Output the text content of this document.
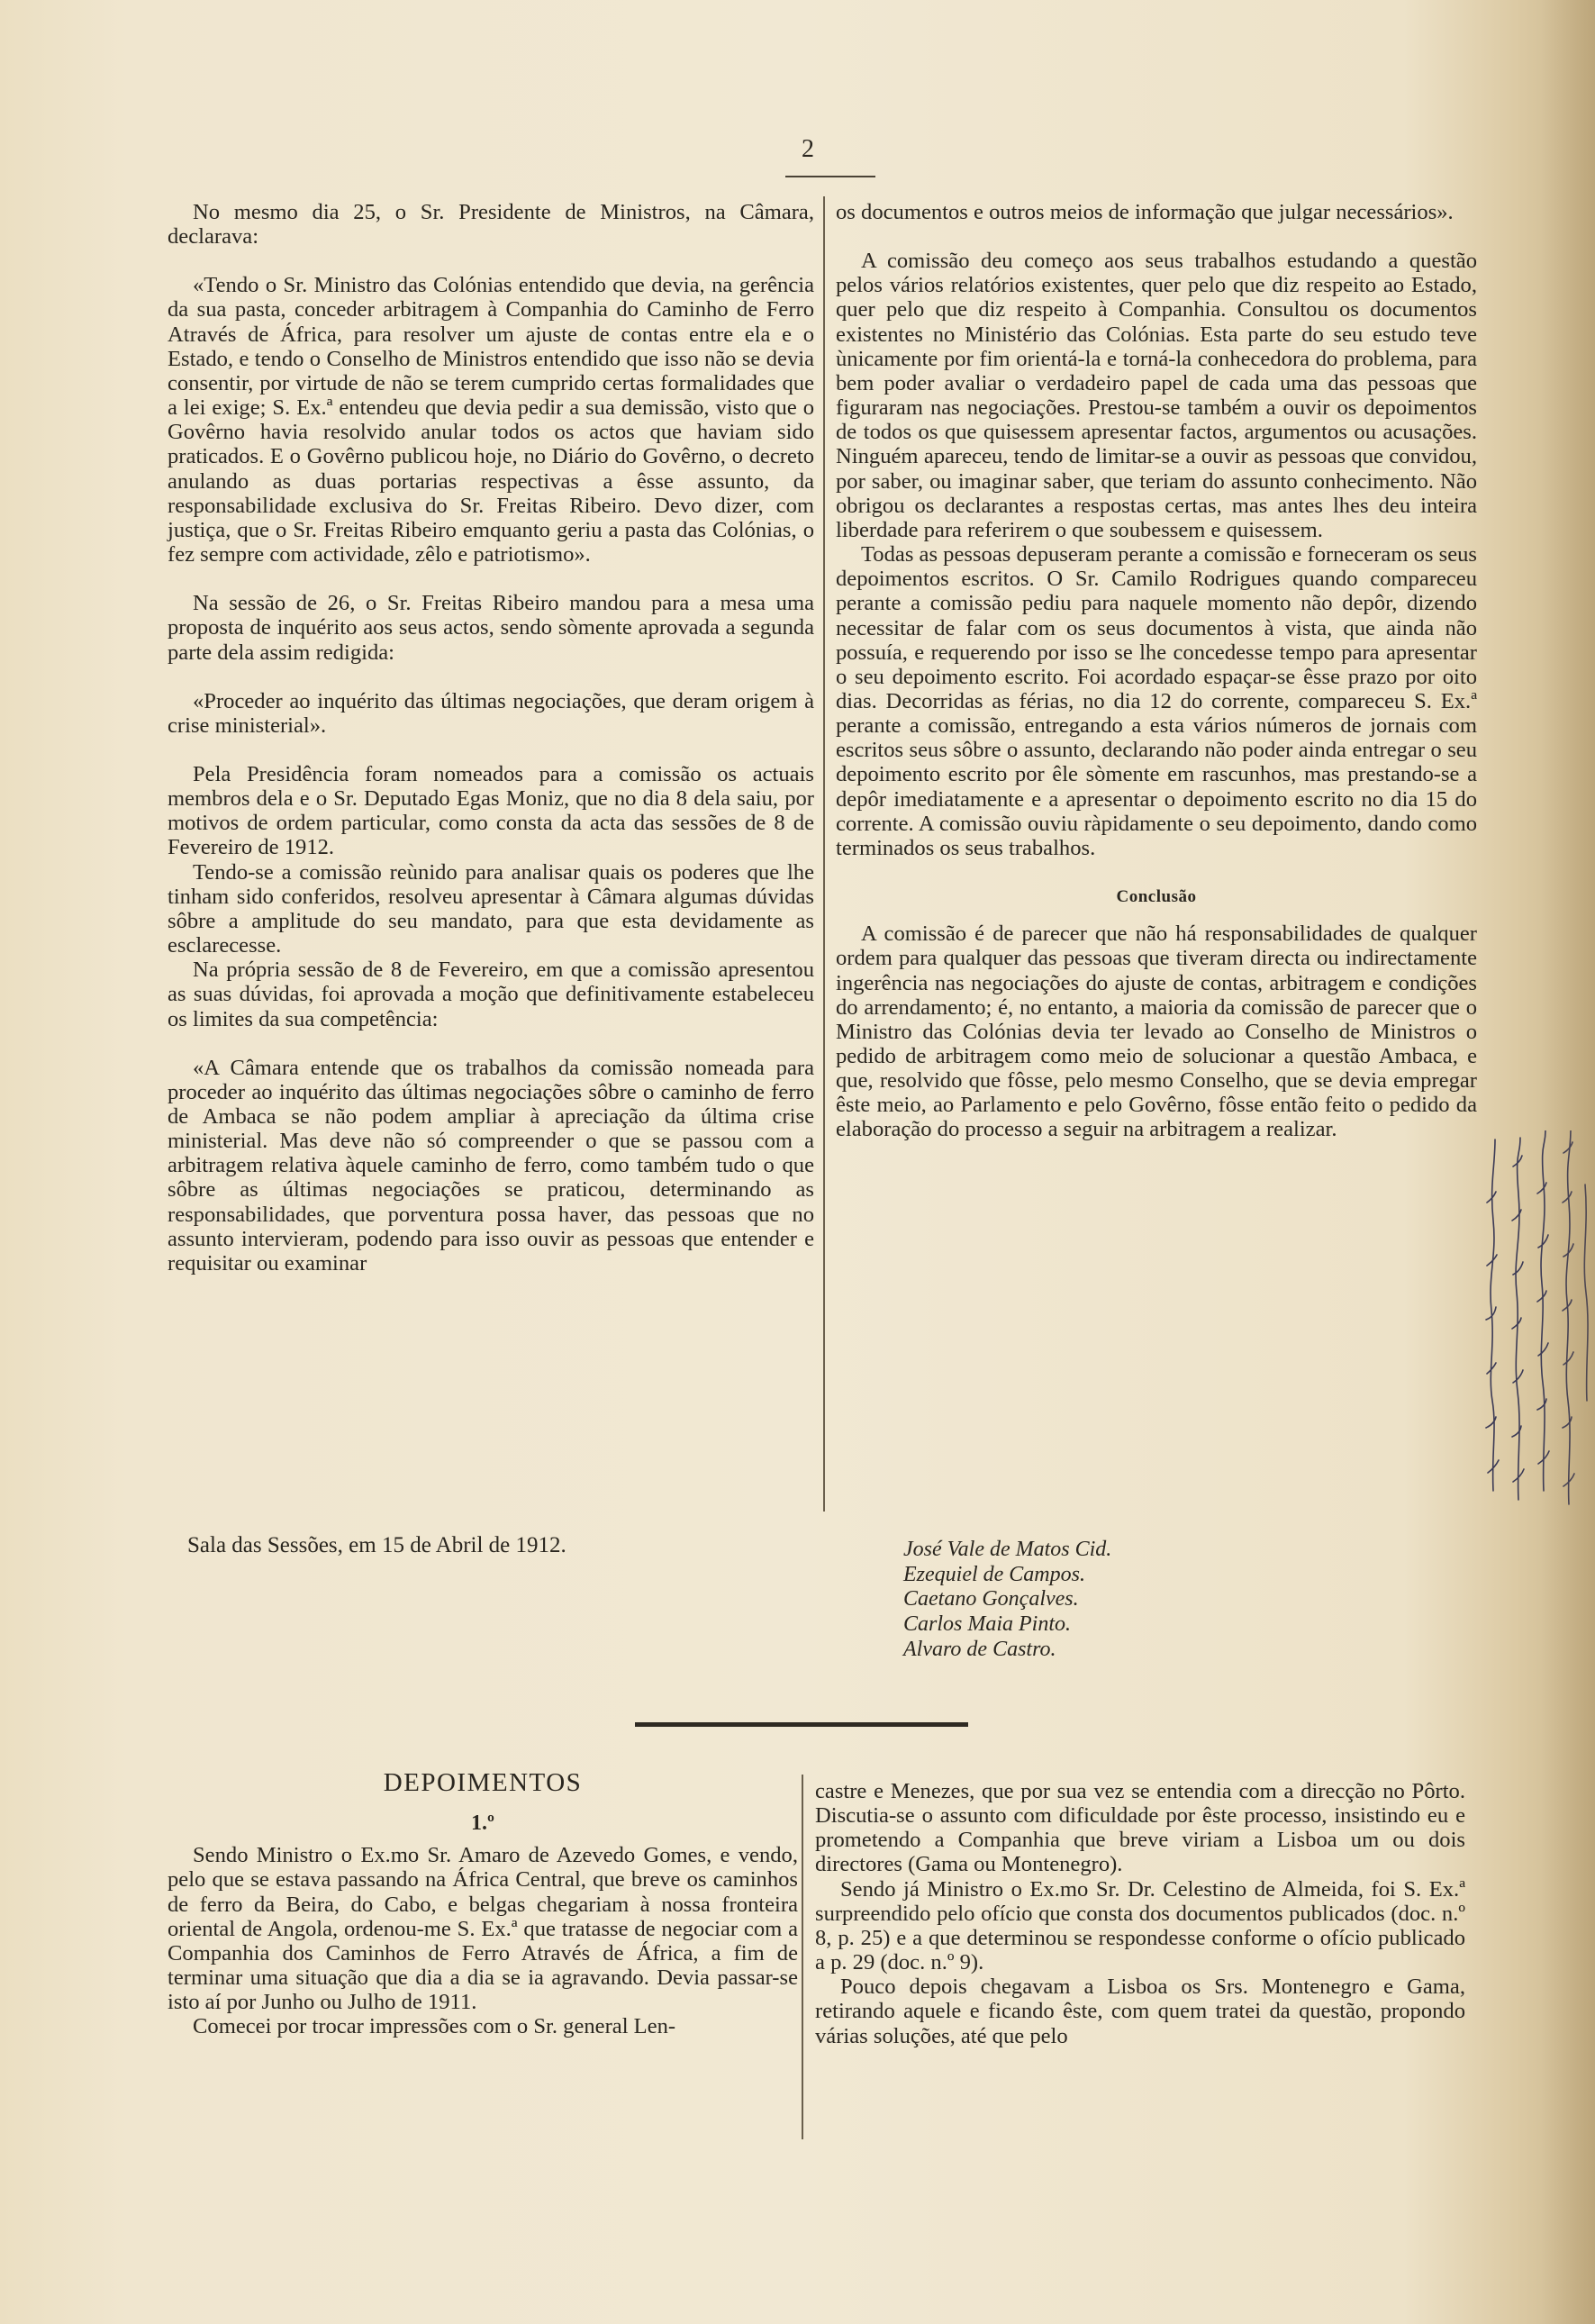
2

No mesmo dia 25, o Sr. Presidente de Ministros, na Câmara, declarava:

«Tendo o Sr. Ministro das Colónias entendido que devia, na gerência da sua pasta, conceder arbitragem à Companhia do Caminho de Ferro Através de África, para resolver um ajuste de contas entre ela e o Estado, e tendo o Conselho de Ministros entendido que isso não se devia consentir, por virtude de não se terem cumprido certas formalidades que a lei exige; S. Ex.ª entendeu que devia pedir a sua demissão, visto que o Govêrno havia resolvido anular todos os actos que haviam sido praticados. E o Govêrno publicou hoje, no Diário do Govêrno, o decreto anulando as duas portarias respectivas a êsse assunto, da responsabilidade exclusiva do Sr. Freitas Ribeiro. Devo dizer, com justiça, que o Sr. Freitas Ribeiro emquanto geriu a pasta das Colónias, o fez sempre com actividade, zêlo e patriotismo».

Na sessão de 26, o Sr. Freitas Ribeiro mandou para a mesa uma proposta de inquérito aos seus actos, sendo sòmente aprovada a segunda parte dela assim redigida:

«Proceder ao inquérito das últimas negociações, que deram origem à crise ministerial».

Pela Presidência foram nomeados para a comissão os actuais membros dela e o Sr. Deputado Egas Moniz, que no dia 8 dela saiu, por motivos de ordem particular, como consta da acta das sessões de 8 de Fevereiro de 1912.

Tendo-se a comissão reùnido para analisar quais os poderes que lhe tinham sido conferidos, resolveu apresentar à Câmara algumas dúvidas sôbre a amplitude do seu mandato, para que esta devidamente as esclarecesse.

Na própria sessão de 8 de Fevereiro, em que a comissão apresentou as suas dúvidas, foi aprovada a moção que definitivamente estabeleceu os limites da sua competência:

«A Câmara entende que os trabalhos da comissão nomeada para proceder ao inquérito das últimas negociações sôbre o caminho de ferro de Ambaca se não podem ampliar à apreciação da última crise ministerial. Mas deve não só compreender o que se passou com a arbitragem relativa àquele caminho de ferro, como também tudo o que sôbre as últimas negociações se praticou, determinando as responsabilidades, que porventura possa haver, das pessoas que no assunto intervieram, podendo para isso ouvir as pessoas que entender e requisitar ou examinar

os documentos e outros meios de informação que julgar necessários».

A comissão deu começo aos seus trabalhos estudando a questão pelos vários relatórios existentes, quer pelo que diz respeito ao Estado, quer pelo que diz respeito à Companhia. Consultou os documentos existentes no Ministério das Colónias. Esta parte do seu estudo teve ùnicamente por fim orientá-la e torná-la conhecedora do problema, para bem poder avaliar o verdadeiro papel de cada uma das pessoas que figuraram nas negociações. Prestou-se também a ouvir os depoimentos de todos os que quisessem apresentar factos, argumentos ou acusações. Ninguém apareceu, tendo de limitar-se a ouvir as pessoas que convidou, por saber, ou imaginar saber, que teriam do assunto conhecimento. Não obrigou os declarantes a respostas certas, mas antes lhes deu inteira liberdade para referirem o que soubessem e quisessem.

Todas as pessoas depuseram perante a comissão e forneceram os seus depoimentos escritos. O Sr. Camilo Rodrigues quando compareceu perante a comissão pediu para naquele momento não depôr, dizendo necessitar de falar com os seus documentos à vista, que ainda não possuía, e requerendo por isso se lhe concedesse tempo para apresentar o seu depoimento escrito. Foi acordado espaçar-se êsse prazo por oito dias. Decorridas as férias, no dia 12 do corrente, compareceu S. Ex.ª perante a comissão, entregando a esta vários números de jornais com escritos seus sôbre o assunto, declarando não poder ainda entregar o seu depoimento escrito por êle sòmente em rascunhos, mas prestando-se a depôr imediatamente e a apresentar o depoimento escrito no dia 15 do corrente. A comissão ouviu ràpidamente o seu depoimento, dando como terminados os seus trabalhos.

Conclusão

A comissão é de parecer que não há responsabilidades de qualquer ordem para qualquer das pessoas que tiveram directa ou indirectamente ingerência nas negociações do ajuste de contas, arbitragem e condições do arrendamento; é, no entanto, a maioria da comissão de parecer que o Ministro das Colónias devia ter levado ao Conselho de Ministros o pedido de arbitragem como meio de solucionar a questão Ambaca, e que, resolvido que fôsse, pelo mesmo Conselho, que se devia empregar êste meio, ao Parlamento e pelo Govêrno, fôsse então feito o pedido da elaboração do processo a seguir na arbitragem a realizar.

Sala das Sessões, em 15 de Abril de 1912.	José Vale de Matos Cid.
Ezequiel de Campos.
Caetano Gonçalves.
Carlos Maia Pinto.
Alvaro de Castro.
DEPOIMENTOS
1.º

Sendo Ministro o Ex.mo Sr. Amaro de Azevedo Gomes, e vendo, pelo que se estava passando na África Central, que breve os caminhos de ferro da Beira, do Cabo, e belgas chegariam à nossa fronteira oriental de Angola, ordenou-me S. Ex.ª que tratasse de negociar com a Companhia dos Caminhos de Ferro Através de África, a fim de terminar uma situação que dia a dia se ia agravando. Devia passar-se isto aí por Junho ou Julho de 1911.

Comecei por trocar impressões com o Sr. general Len-

castre e Menezes, que por sua vez se entendia com a direcção no Pôrto. Discutia-se o assunto com dificuldade por êste processo, insistindo eu e prometendo a Companhia que breve viriam a Lisboa um ou dois directores (Gama ou Montenegro).

Sendo já Ministro o Ex.mo Sr. Dr. Celestino de Almeida, foi S. Ex.ª surpreendido pelo ofício que consta dos documentos publicados (doc. n.º 8, p. 25) e a que determinou se respondesse conforme o ofício publicado a p. 29 (doc. n.º 9).

Pouco depois chegavam a Lisboa os Srs. Montenegro e Gama, retirando aquele e ficando êste, com quem tratei da questão, propondo várias soluções, até que pelo
